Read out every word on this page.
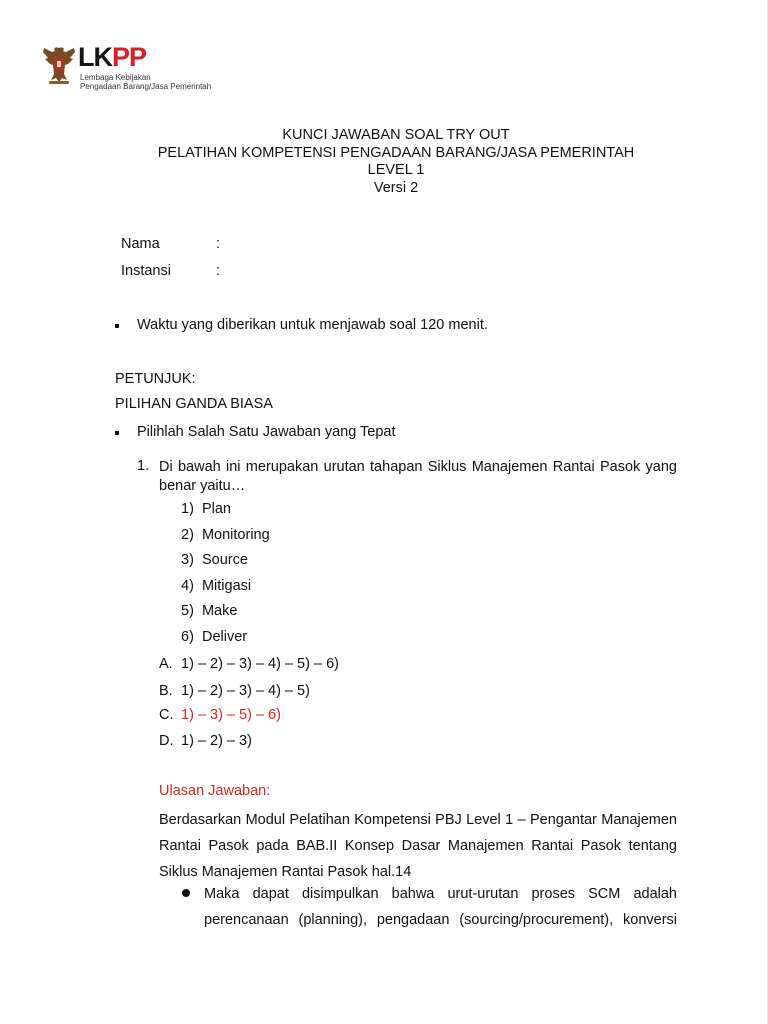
LKPP
Lembaga Kebijakan
Pengadaan Barang/Jasa Pemerintah
KUNCI JAWABAN SOAL TRY OUT
PELATIHAN KOMPETENSI PENGADAAN BARANG/JASA PEMERINTAH
LEVEL 1
Versi 2
Nama	:
Instansi	:
Waktu yang diberikan untuk menjawab soal 120 menit.
PETUNJUK:
PILIHAN GANDA BIASA
Pilihlah Salah Satu Jawaban yang Tepat
1. Di bawah ini merupakan urutan tahapan Siklus Manajemen Rantai Pasok yang benar yaitu…
1) Plan
2) Monitoring
3) Source
4) Mitigasi
5) Make
6) Deliver
A. 1) – 2) – 3) – 4) – 5) – 6)
B. 1) – 2) – 3) – 4) – 5)
C. 1) – 3) – 5) – 6)
D. 1) – 2) – 3)
Ulasan Jawaban:
Berdasarkan Modul Pelatihan Kompetensi PBJ Level 1 – Pengantar Manajemen Rantai Pasok pada BAB.II Konsep Dasar Manajemen Rantai Pasok tentang Siklus Manajemen Rantai Pasok hal.14
Maka dapat disimpulkan bahwa urut-urutan proses SCM adalah perencanaan (planning), pengadaan (sourcing/procurement), konversi
